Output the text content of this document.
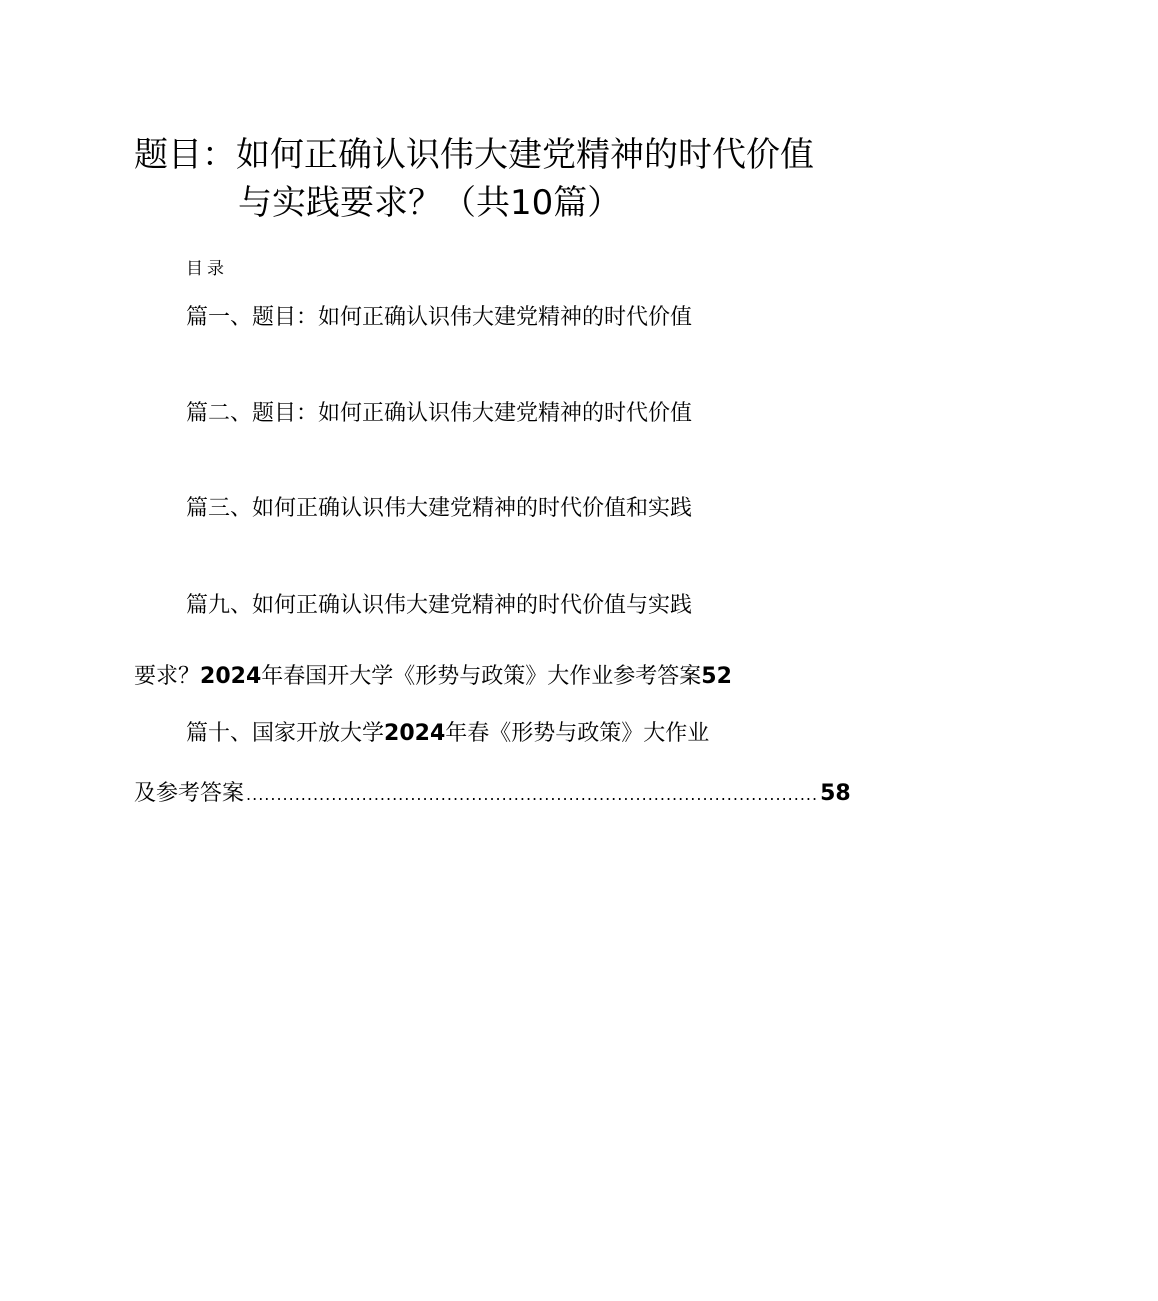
题目：如何正确认识伟大建党精神的时代价值
与实践要求？（共10篇）
目录
篇一、题目：如何正确认识伟大建党精神的时代价值
篇二、题目：如何正确认识伟大建党精神的时代价值
篇三、如何正确认识伟大建党精神的时代价值和实践
篇九、如何正确认识伟大建党精神的时代价值与实践
要求？2024年春国开大学《形势与政策》大作业参考答案52
篇十、国家开放大学2024年春《形势与政策》大作业
及参考答案 .............................................................................................. 58
